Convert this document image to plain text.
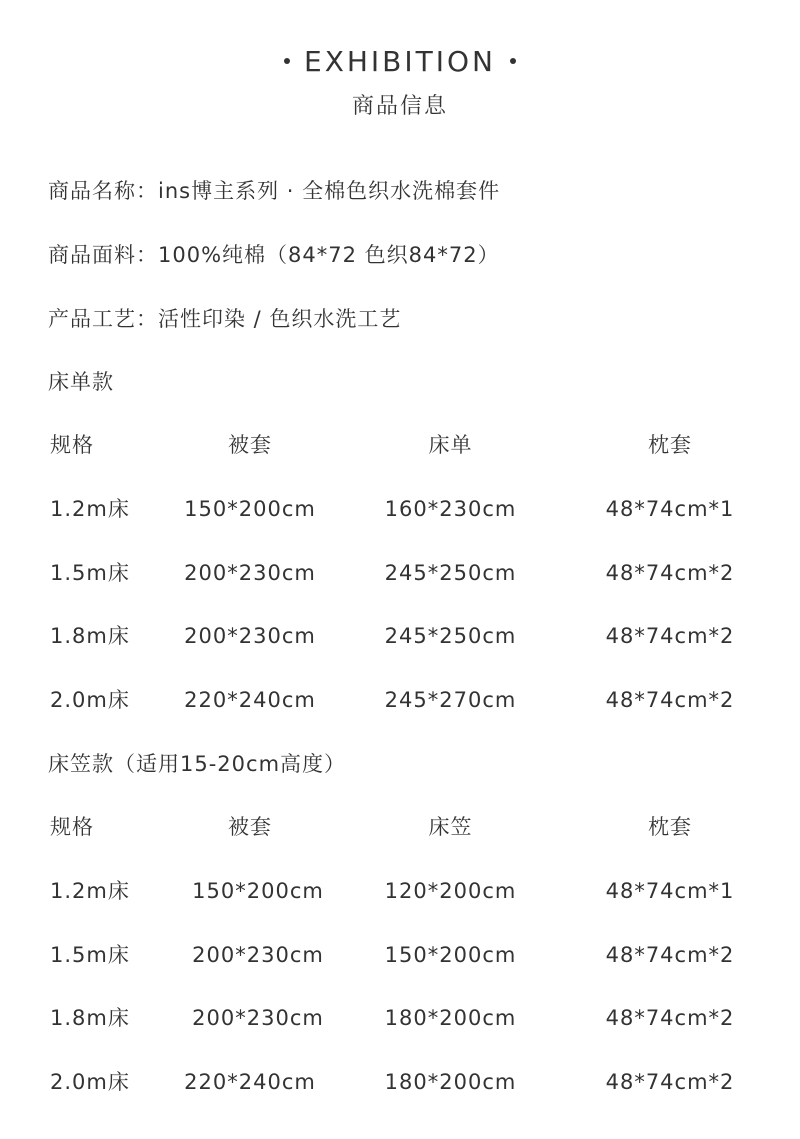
EXHIBITION
商品信息
商品名称：ins博主系列 · 全棉色织水洗棉套件
商品面料：100%纯棉（84*72 色织84*72）
产品工艺：活性印染 / 色织水洗工艺
床单款
规格	被套	床单	枕套
1.2m床	150*200cm	160*230cm	48*74cm*1
1.5m床	200*230cm	245*250cm	48*74cm*2
1.8m床	200*230cm	245*250cm	48*74cm*2
2.0m床	220*240cm	245*270cm	48*74cm*2
床笠款（适用15-20cm高度）
规格	被套	床笠	枕套
1.2m床	150*200cm	120*200cm	48*74cm*1
1.5m床	200*230cm	150*200cm	48*74cm*2
1.8m床	200*230cm	180*200cm	48*74cm*2
2.0m床	220*240cm	180*200cm	48*74cm*2
